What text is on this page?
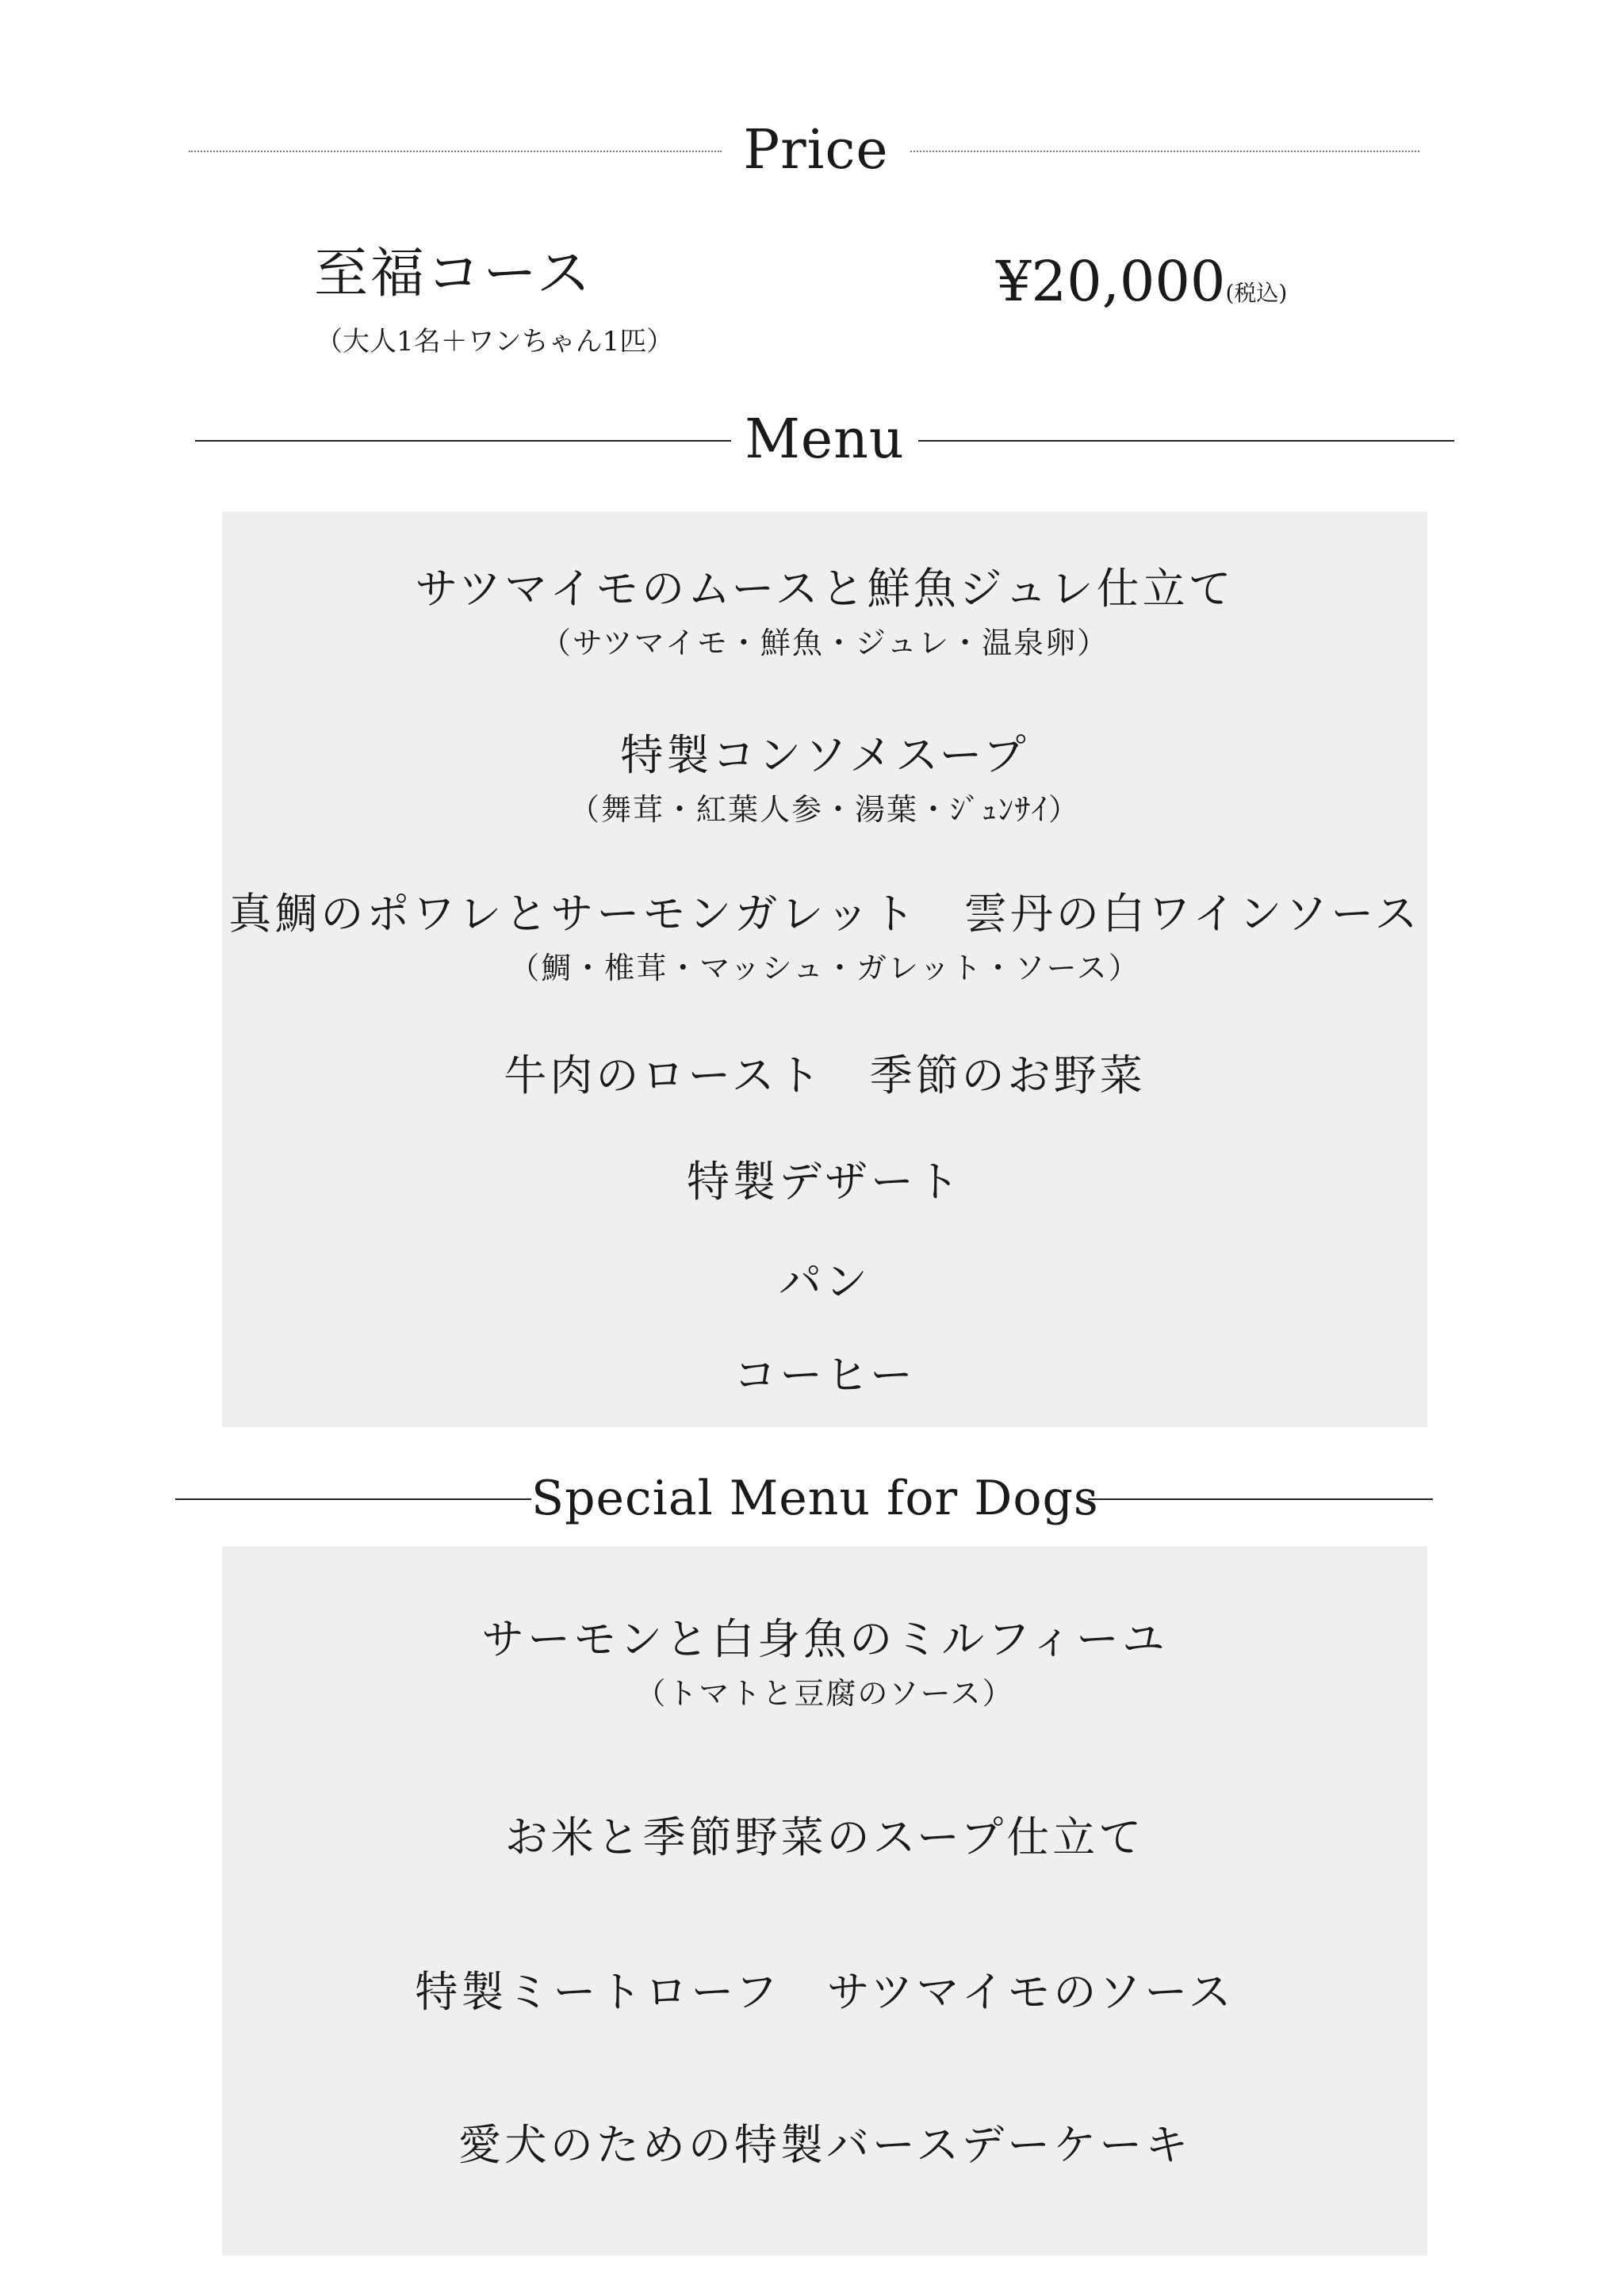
Price
至福コース
（大人1名＋ワンちゃん1匹）
¥20,000(税込)
Menu
サツマイモのムースと鮮魚ジュレ仕立て
（サツマイモ・鮮魚・ジュレ・温泉卵）
特製コンソメスープ
（舞茸・紅葉人参・湯葉・ｼﾞｭﾝｻｲ）
真鯛のポワレとサーモンガレット　雲丹の白ワインソース
（鯛・椎茸・マッシュ・ガレット・ソース）
牛肉のロースト　季節のお野菜
特製デザート
パン
コーヒー
Special Menu for Dogs
サーモンと白身魚のミルフィーユ
（トマトと豆腐のソース）
お米と季節野菜のスープ仕立て
特製ミートローフ　サツマイモのソース
愛犬のための特製バースデーケーキ
